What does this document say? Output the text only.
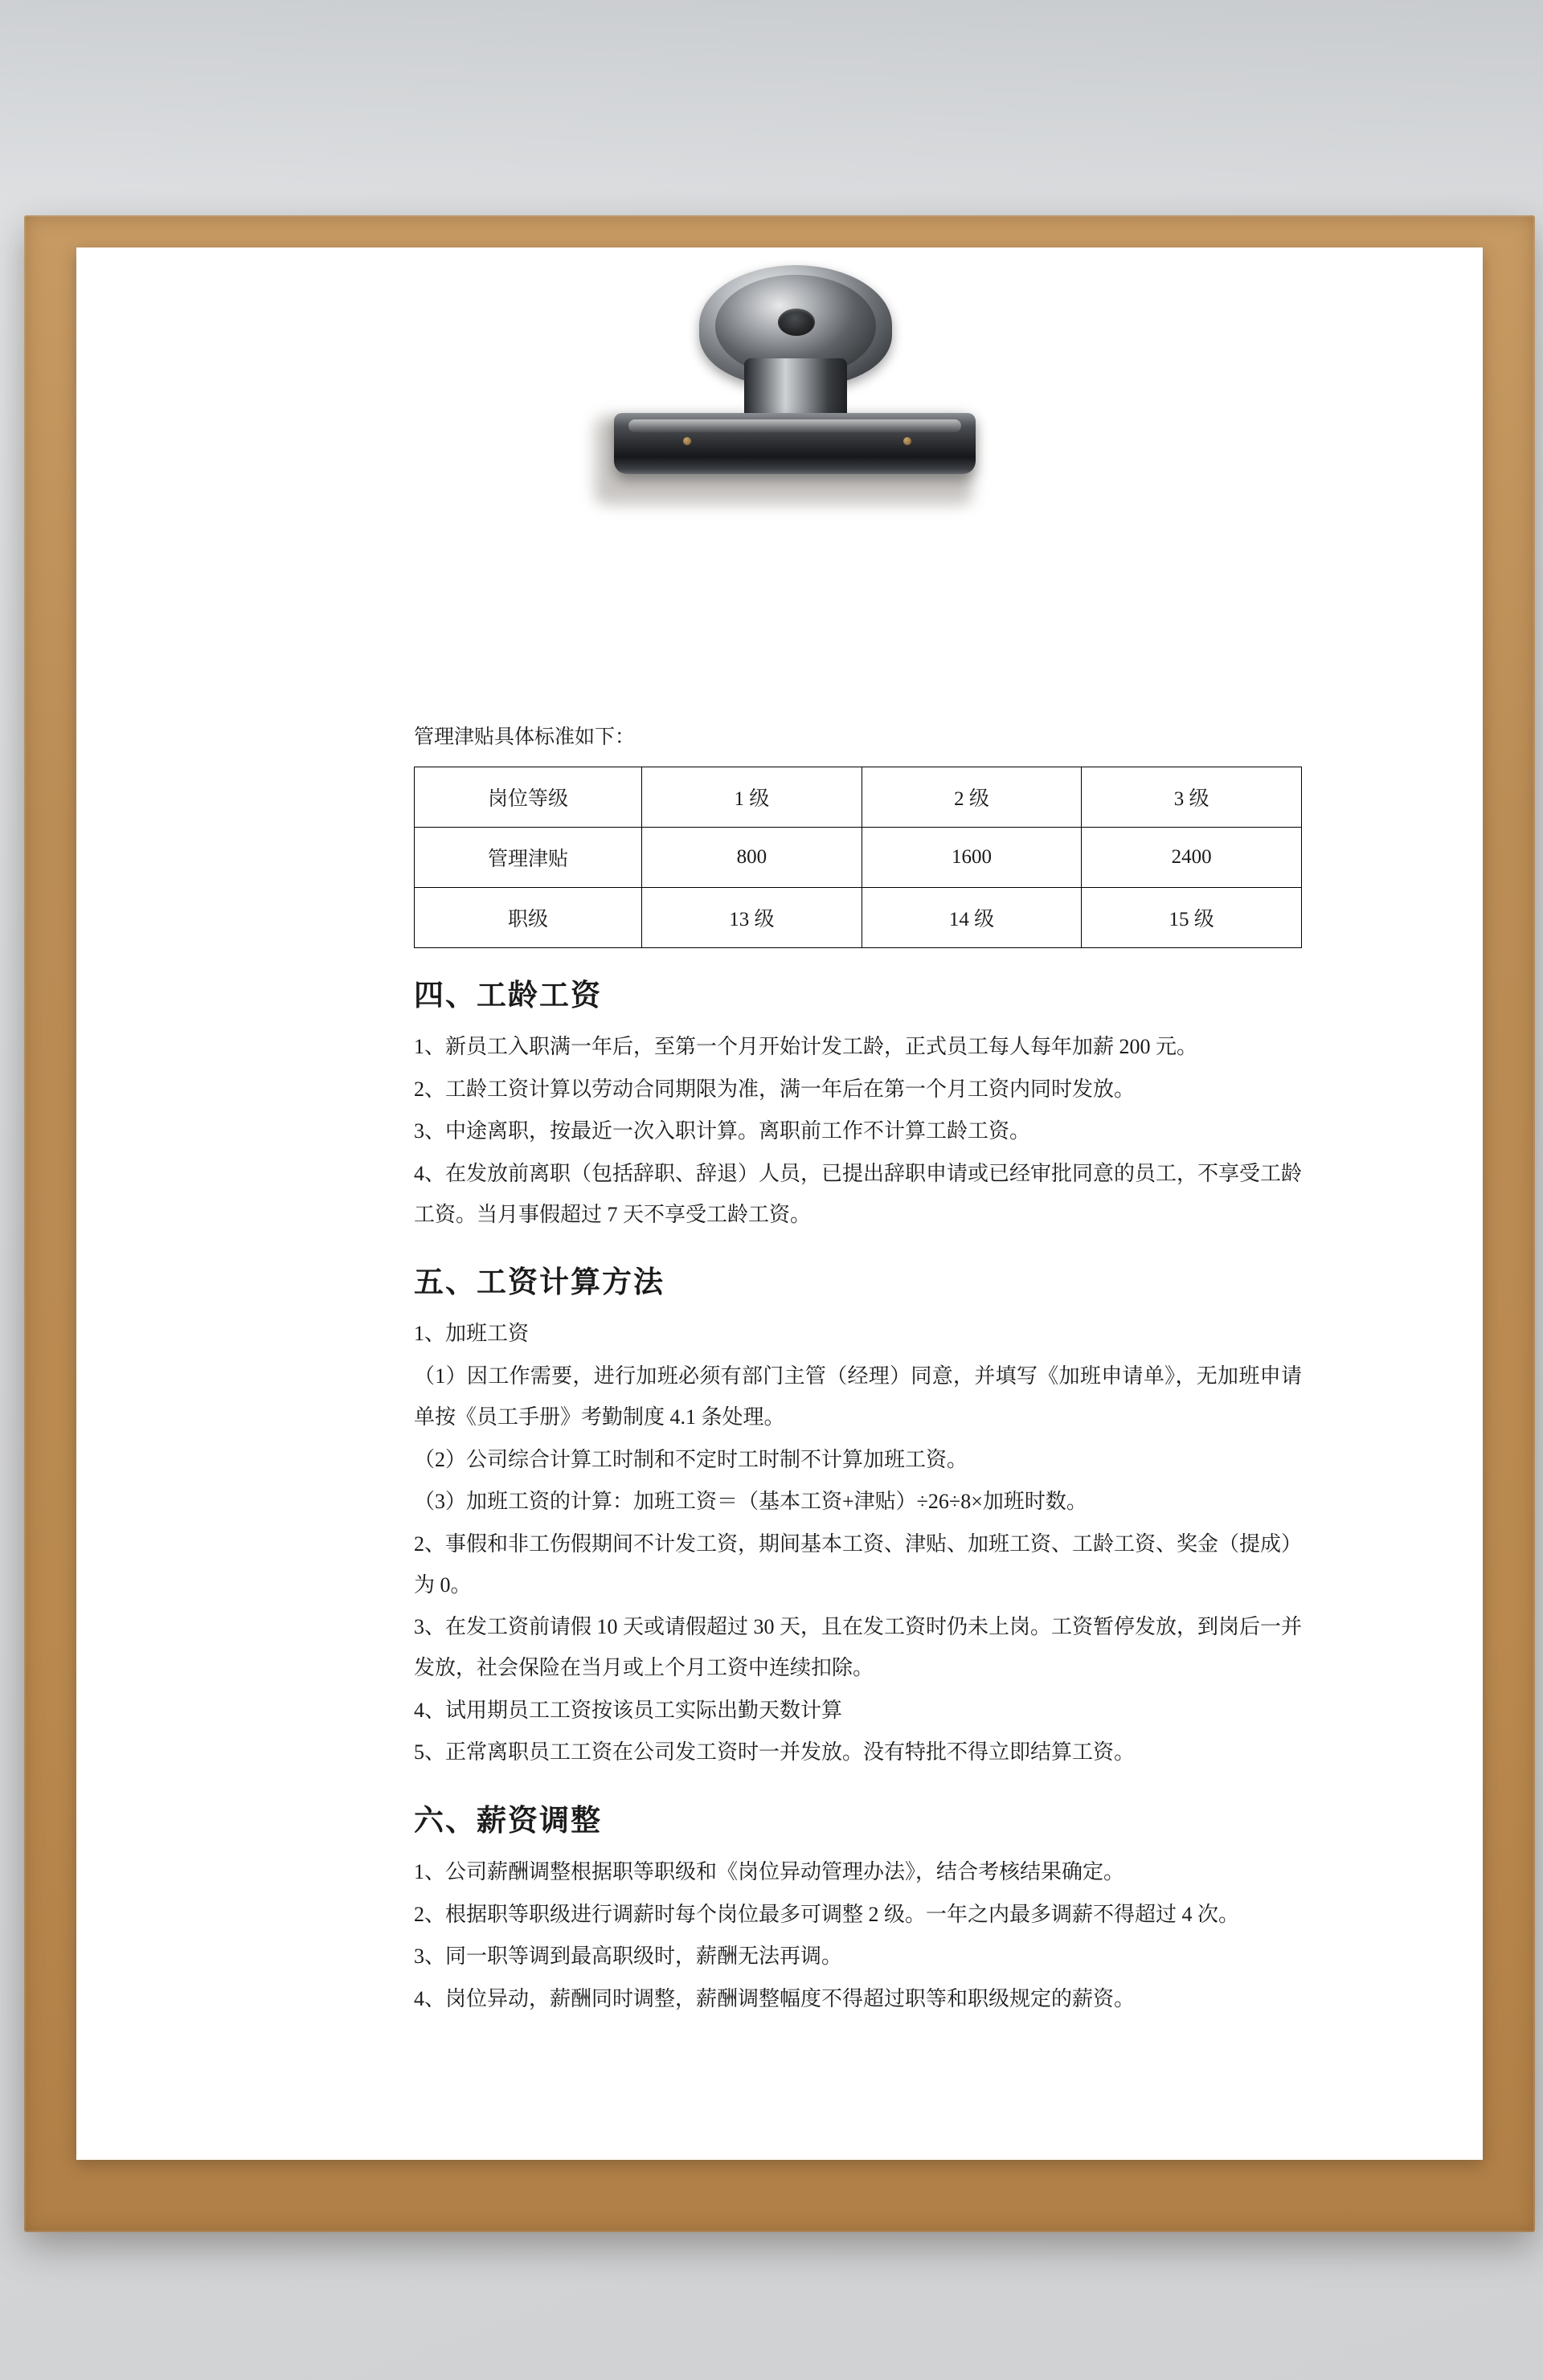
管理津贴具体标准如下：

岗位等级	1 级	2 级	3 级
管理津贴	800	1600	2400
职级	13 级	14 级	15 级
四、工龄工资

1、新员工入职满一年后，至第一个月开始计发工龄，正式员工每人每年加薪 200 元。

2、工龄工资计算以劳动合同期限为准，满一年后在第一个月工资内同时发放。

3、中途离职，按最近一次入职计算。离职前工作不计算工龄工资。

4、在发放前离职（包括辞职、辞退）人员，已提出辞职申请或已经审批同意的员工，不享受工龄工资。当月事假超过 7 天不享受工龄工资。

五、工资计算方法

1、加班工资

（1）因工作需要，进行加班必须有部门主管（经理）同意，并填写《加班申请单》，无加班申请单按《员工手册》考勤制度 4.1 条处理。

（2）公司综合计算工时制和不定时工时制不计算加班工资。

（3）加班工资的计算：加班工资＝（基本工资+津贴）÷26÷8×加班时数。

2、事假和非工伤假期间不计发工资，期间基本工资、津贴、加班工资、工龄工资、奖金（提成）为 0。

3、在发工资前请假 10 天或请假超过 30 天，且在发工资时仍未上岗。工资暂停发放，到岗后一并发放，社会保险在当月或上个月工资中连续扣除。

4、试用期员工工资按该员工实际出勤天数计算

5、正常离职员工工资在公司发工资时一并发放。没有特批不得立即结算工资。

六、薪资调整

1、公司薪酬调整根据职等职级和《岗位异动管理办法》，结合考核结果确定。

2、根据职等职级进行调薪时每个岗位最多可调整 2 级。一年之内最多调薪不得超过 4 次。

3、同一职等调到最高职级时，薪酬无法再调。

4、岗位异动，薪酬同时调整，薪酬调整幅度不得超过职等和职级规定的薪资。
